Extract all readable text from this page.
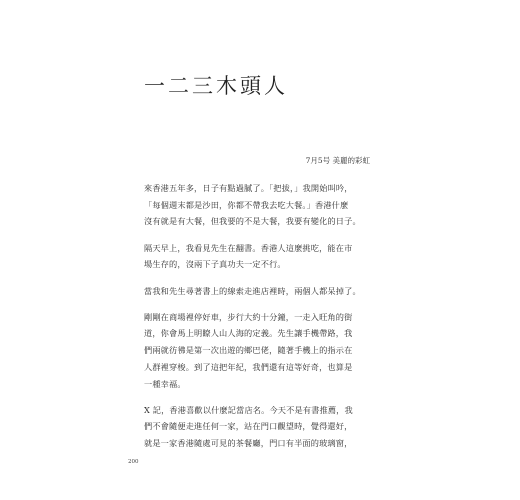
一二三木頭人
7月5号 美麗的彩虹
來香港五年多，日子有點過膩了。「把拔，」我開始叫吟，
「每個週末都是沙田，你都不帶我去吃大餐。」香港什麼
沒有就是有大餐，但我要的不是大餐，我要有變化的日子。
隔天早上，我看見先生在翻書。香港人這麼挑吃，能在市
場生存的，沒兩下子真功夫一定不行。
當我和先生尋著書上的線索走進店裡時，兩個人都呆掉了。
剛剛在商場裡停好車，步行大約十分鐘，一走入旺角的街
道，你會馬上明瞭人山人海的定義。先生讓手機帶路，我
們兩就彷彿是第一次出遊的鄉巴佬，隨著手機上的指示在
人群裡穿梭。到了這把年紀，我們還有這等好奇，也算是
一種幸福。
X 記，香港喜歡以什麼記當店名。今天不是有書推薦，我
們不會隨便走進任何一家，站在門口觀望時，覺得還好，
就是一家香港隨處可見的茶餐廳，門口有半面的玻璃窗，
200
